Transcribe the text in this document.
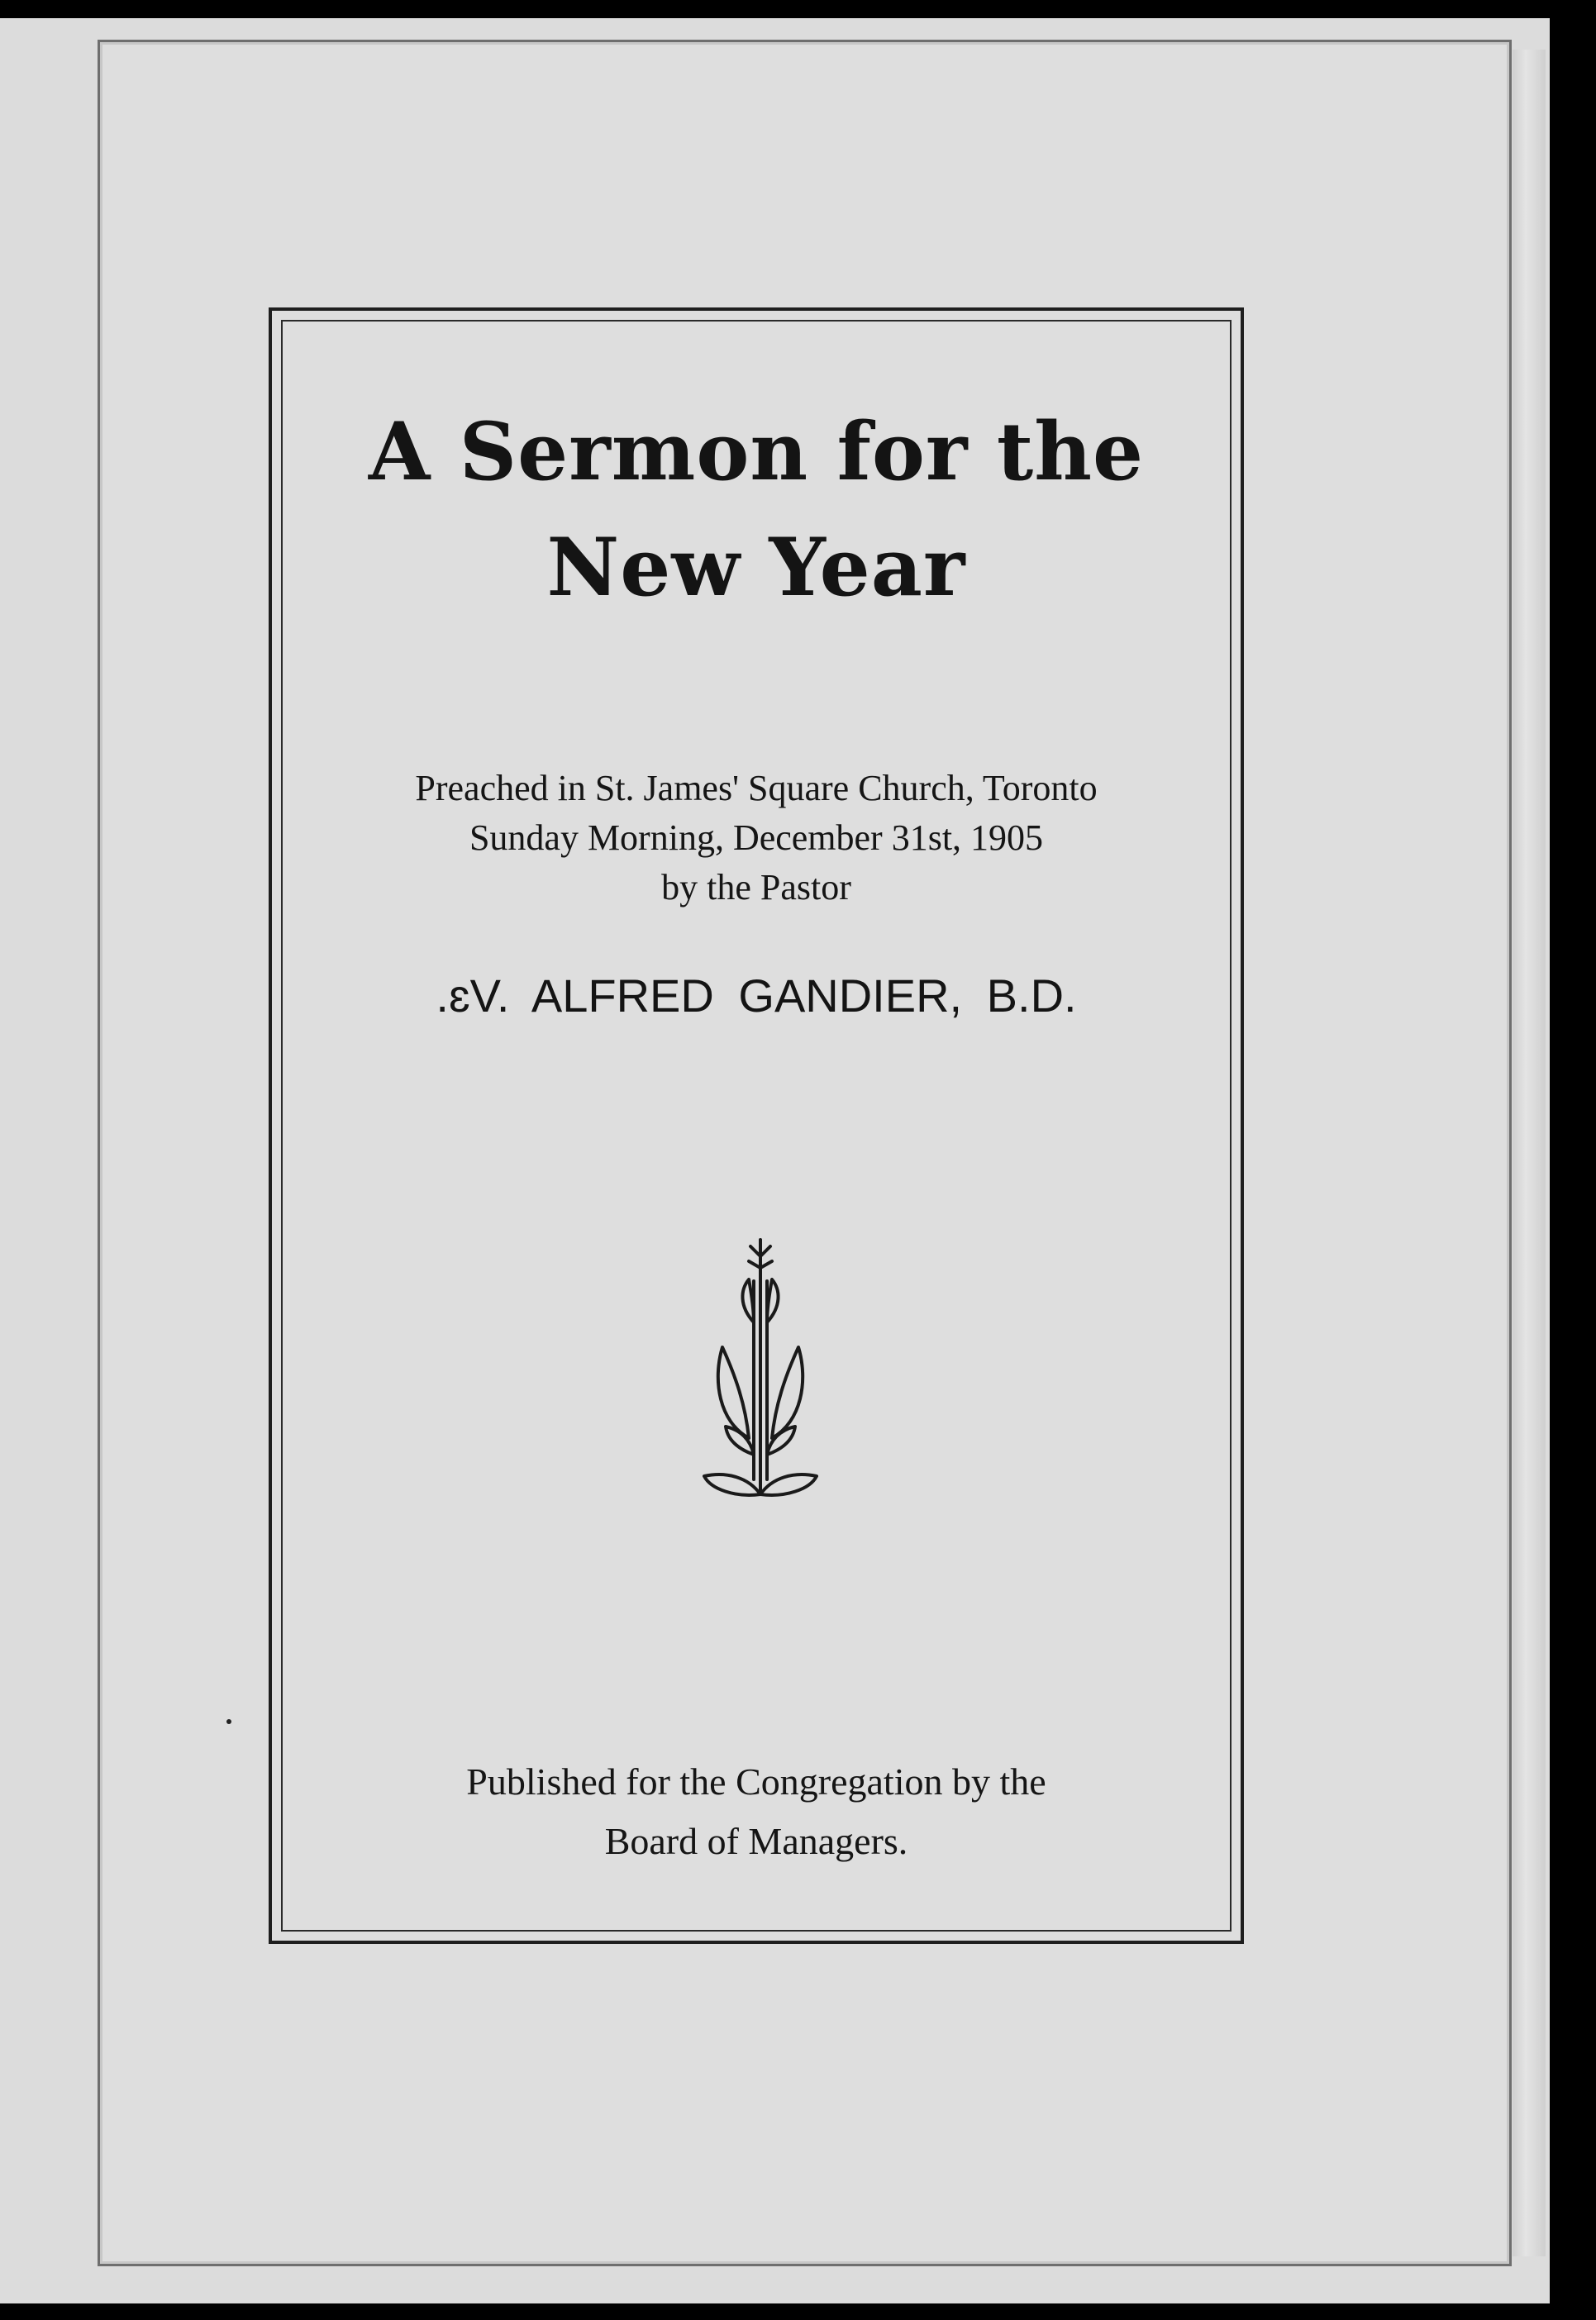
A Sermon for the
New Year
Preached in St. James' Square Church, Toronto
Sunday Morning, December 31st, 1905
by the Pastor
.ɛV. ALFRED GANDIER, B.D.
Published for the Congregation by the
Board of Managers.
